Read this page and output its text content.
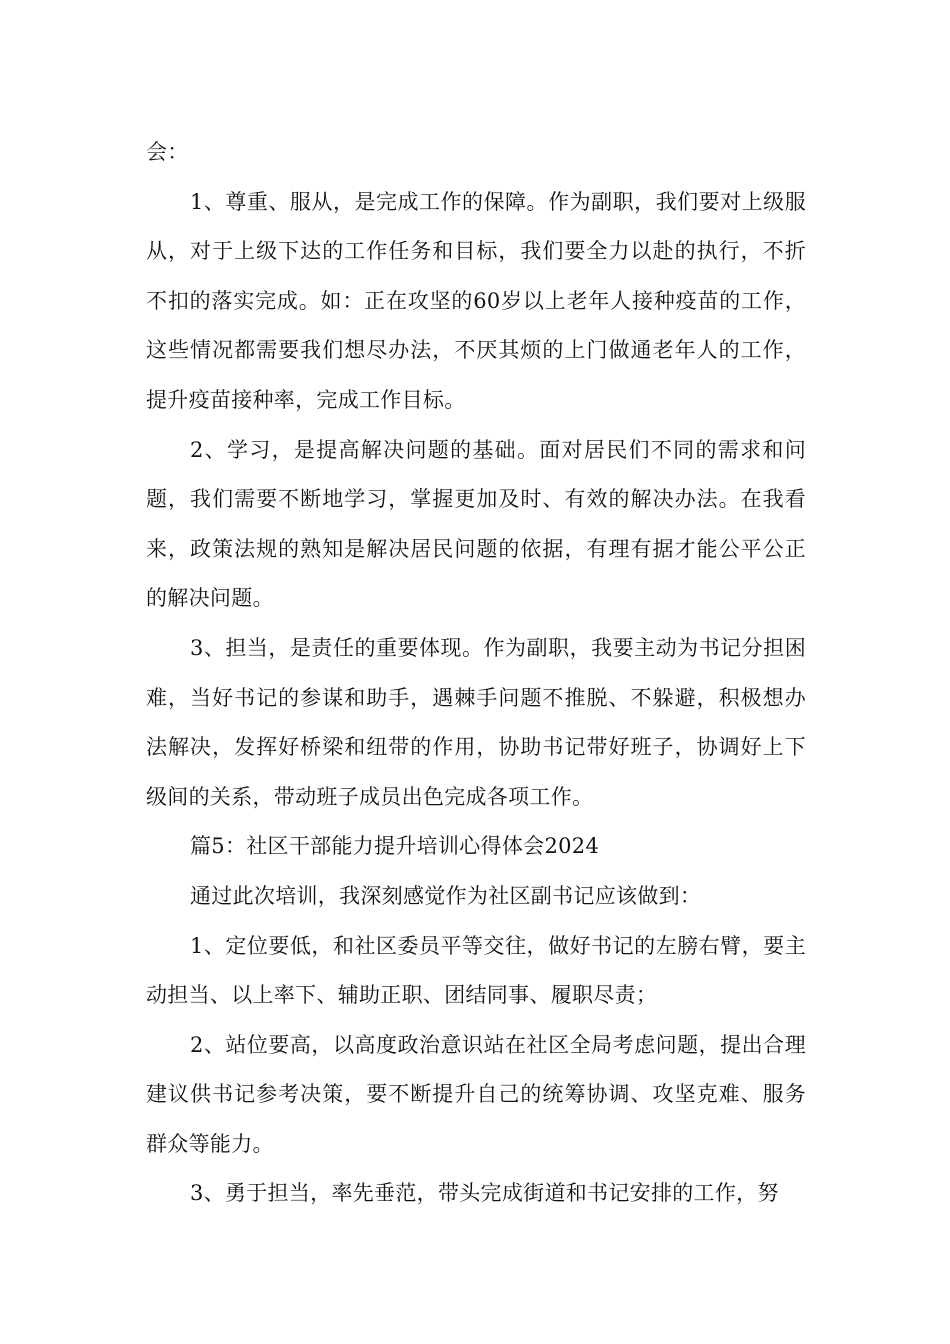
会：

1、尊重、服从，是完成工作的保障。作为副职，我们要对上级服从，对于上级下达的工作任务和目标，我们要全力以赴的执行，不折不扣的落实完成。如：正在攻坚的60岁以上老年人接种疫苗的工作，这些情况都需要我们想尽办法，不厌其烦的上门做通老年人的工作，提升疫苗接种率，完成工作目标。

2、学习，是提高解决问题的基础。面对居民们不同的需求和问题，我们需要不断地学习，掌握更加及时、有效的解决办法。在我看来，政策法规的熟知是解决居民问题的依据，有理有据才能公平公正的解决问题。

3、担当，是责任的重要体现。作为副职，我要主动为书记分担困难，当好书记的参谋和助手，遇棘手问题不推脱、不躲避，积极想办法解决，发挥好桥梁和纽带的作用，协助书记带好班子，协调好上下级间的关系，带动班子成员出色完成各项工作。

篇5：社区干部能力提升培训心得体会2024

通过此次培训，我深刻感觉作为社区副书记应该做到：

1、定位要低，和社区委员平等交往，做好书记的左膀右臂，要主动担当、以上率下、辅助正职、团结同事、履职尽责；

2、站位要高，以高度政治意识站在社区全局考虑问题，提出合理建议供书记参考决策，要不断提升自己的统筹协调、攻坚克难、服务群众等能力。

3、勇于担当，率先垂范，带头完成街道和书记安排的工作，努
